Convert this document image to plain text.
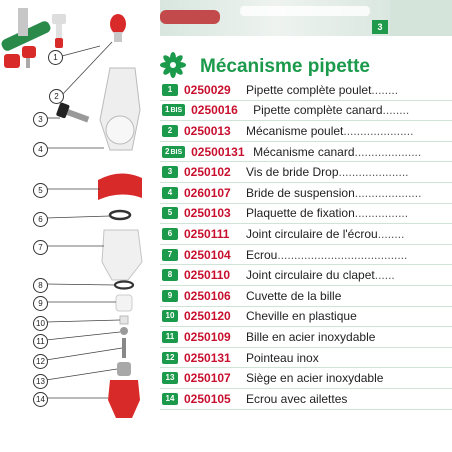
1
2
3
4
5
6
7
8
9
10
11
12
13
14
3
Mécanisme pipette
1 0250029	Pipette complète poulet........
1BIS 0250016	Pipette complète canard........
2 0250013	Mécanisme poulet.....................
2BIS 02500131 Mécanisme canard....................
3 0250102	Vis de bride Drop.....................
4 0260107	Bride de suspension....................
5 0250103	Plaquette de fixation................
6 0250111	Joint circulaire de l'écrou........
7 0250104	Ecrou.......................................
8 0250110	Joint circulaire du clapet......
9 0250106	Cuvette de la bille
10 0250120	Cheville en plastique
11 0250109	Bille en acier inoxydable
12 0250131	Pointeau inox
13 0250107	Siège en acier inoxydable
14 0250105	Ecrou avec ailettes
